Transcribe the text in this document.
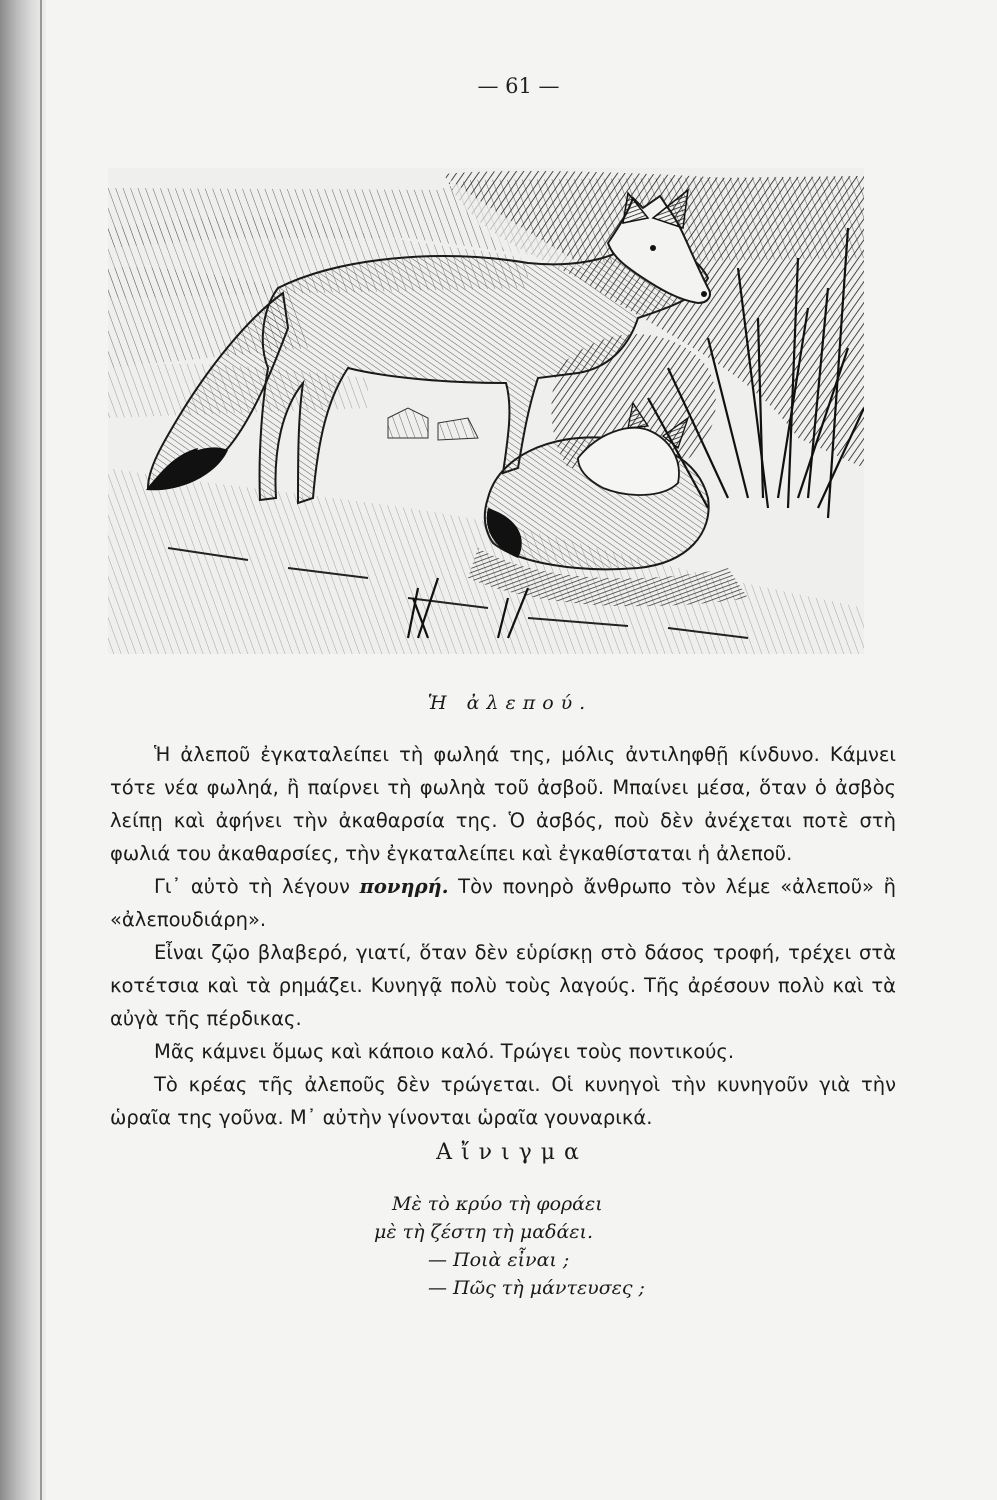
— 61 —
Ἡ ἀλεπού.

Ἡ ἀλεποῦ ἐγκαταλείπει τὴ φωληά της, μόλις ἀντιληφθῇ κίνδυνο. Κάμνει τότε νέα φωληά, ἢ παίρνει τὴ φωληὰ τοῦ ἀσβοῦ. Μπαίνει μέσα, ὅταν ὁ ἀσβὸς λείπῃ καὶ ἀφήνει τὴν ἀκαθαρσία της. Ὁ ἀσβός, ποὺ δὲν ἀνέχεται ποτὲ στὴ φωλιά του ἀκαθαρσίες, τὴν ἐγκαταλείπει καὶ ἐγκαθίσταται ἡ ἀλεποῦ.

Γι᾿ αὐτὸ τὴ λέγουν πονηρή. Τὸν πονηρὸ ἄνθρωπο τὸν λέμε «ἀλεποῦ» ἢ «ἀλεπουδιάρη».

Εἶναι ζῷο βλαβερό, γιατί, ὅταν δὲν εὑρίσκῃ στὸ δάσος τροφή, τρέχει στὰ κοτέτσια καὶ τὰ ρημάζει. Κυνηγᾷ πολὺ τοὺς λαγούς. Τῆς ἀρέσουν πολὺ καὶ τὰ αὐγὰ τῆς πέρδικας.

Μᾶς κάμνει ὅμως καὶ κάποιο καλό. Τρώγει τοὺς ποντικούς.

Τὸ κρέας τῆς ἀλεποῦς δὲν τρώγεται. Οἱ κυνηγοὶ τὴν κυνηγοῦν γιὰ τὴν ὡραῖα της γοῦνα. Μ᾿ αὐτὴν γίνονται ὡραῖα γουναρικά.

Αἴνιγμα
Μὲ τὸ κρύο τὴ φοράει
μὲ τὴ ζέστη τὴ μαδάει.
— Ποιὰ εἶναι ;
— Πῶς τὴ μάντευσες ;
